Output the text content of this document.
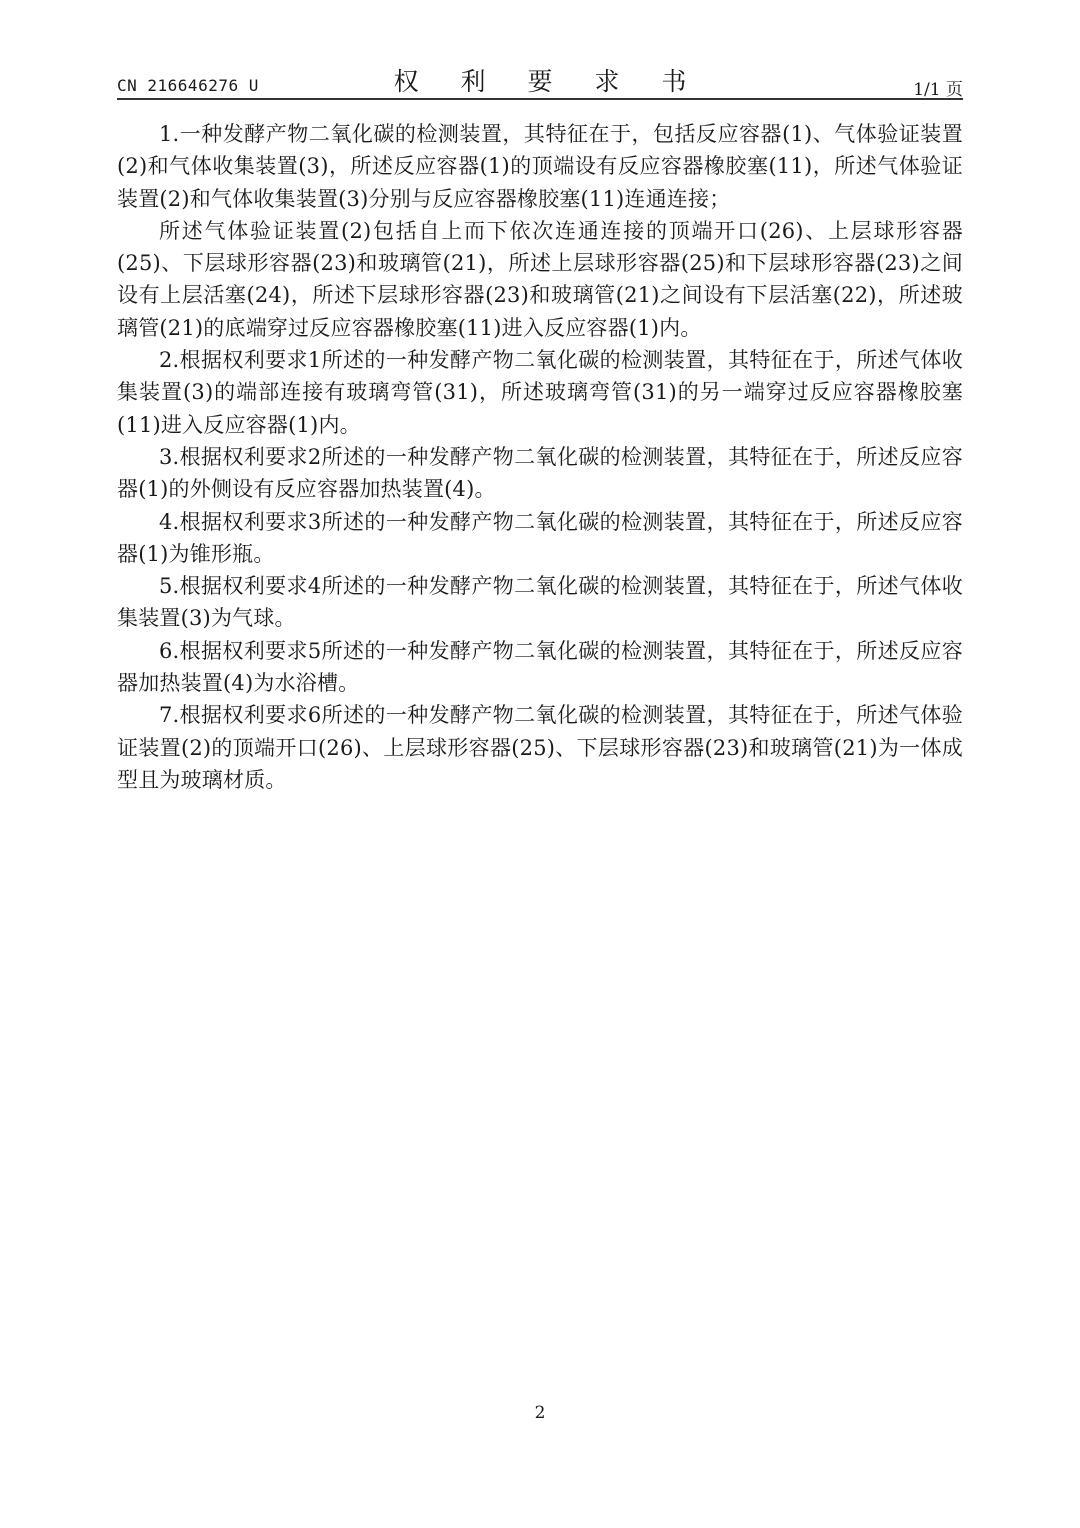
CN 216646276 U	权 利 要 求 书	1/1 页

1.一种发酵产物二氧化碳的检测装置，其特征在于，包括反应容器(1)、气体验证装置(2)和气体收集装置(3)，所述反应容器(1)的顶端设有反应容器橡胶塞(11)，所述气体验证装置(2)和气体收集装置(3)分别与反应容器橡胶塞(11)连通连接；

所述气体验证装置(2)包括自上而下依次连通连接的顶端开口(26)、上层球形容器(25)、下层球形容器(23)和玻璃管(21)，所述上层球形容器(25)和下层球形容器(23)之间设有上层活塞(24)，所述下层球形容器(23)和玻璃管(21)之间设有下层活塞(22)，所述玻璃管(21)的底端穿过反应容器橡胶塞(11)进入反应容器(1)内。

2.根据权利要求1所述的一种发酵产物二氧化碳的检测装置，其特征在于，所述气体收集装置(3)的端部连接有玻璃弯管(31)，所述玻璃弯管(31)的另一端穿过反应容器橡胶塞(11)进入反应容器(1)内。

3.根据权利要求2所述的一种发酵产物二氧化碳的检测装置，其特征在于，所述反应容器(1)的外侧设有反应容器加热装置(4)。

4.根据权利要求3所述的一种发酵产物二氧化碳的检测装置，其特征在于，所述反应容器(1)为锥形瓶。

5.根据权利要求4所述的一种发酵产物二氧化碳的检测装置，其特征在于，所述气体收集装置(3)为气球。

6.根据权利要求5所述的一种发酵产物二氧化碳的检测装置，其特征在于，所述反应容器加热装置(4)为水浴槽。

7.根据权利要求6所述的一种发酵产物二氧化碳的检测装置，其特征在于，所述气体验证装置(2)的顶端开口(26)、上层球形容器(25)、下层球形容器(23)和玻璃管(21)为一体成型且为玻璃材质。

2
